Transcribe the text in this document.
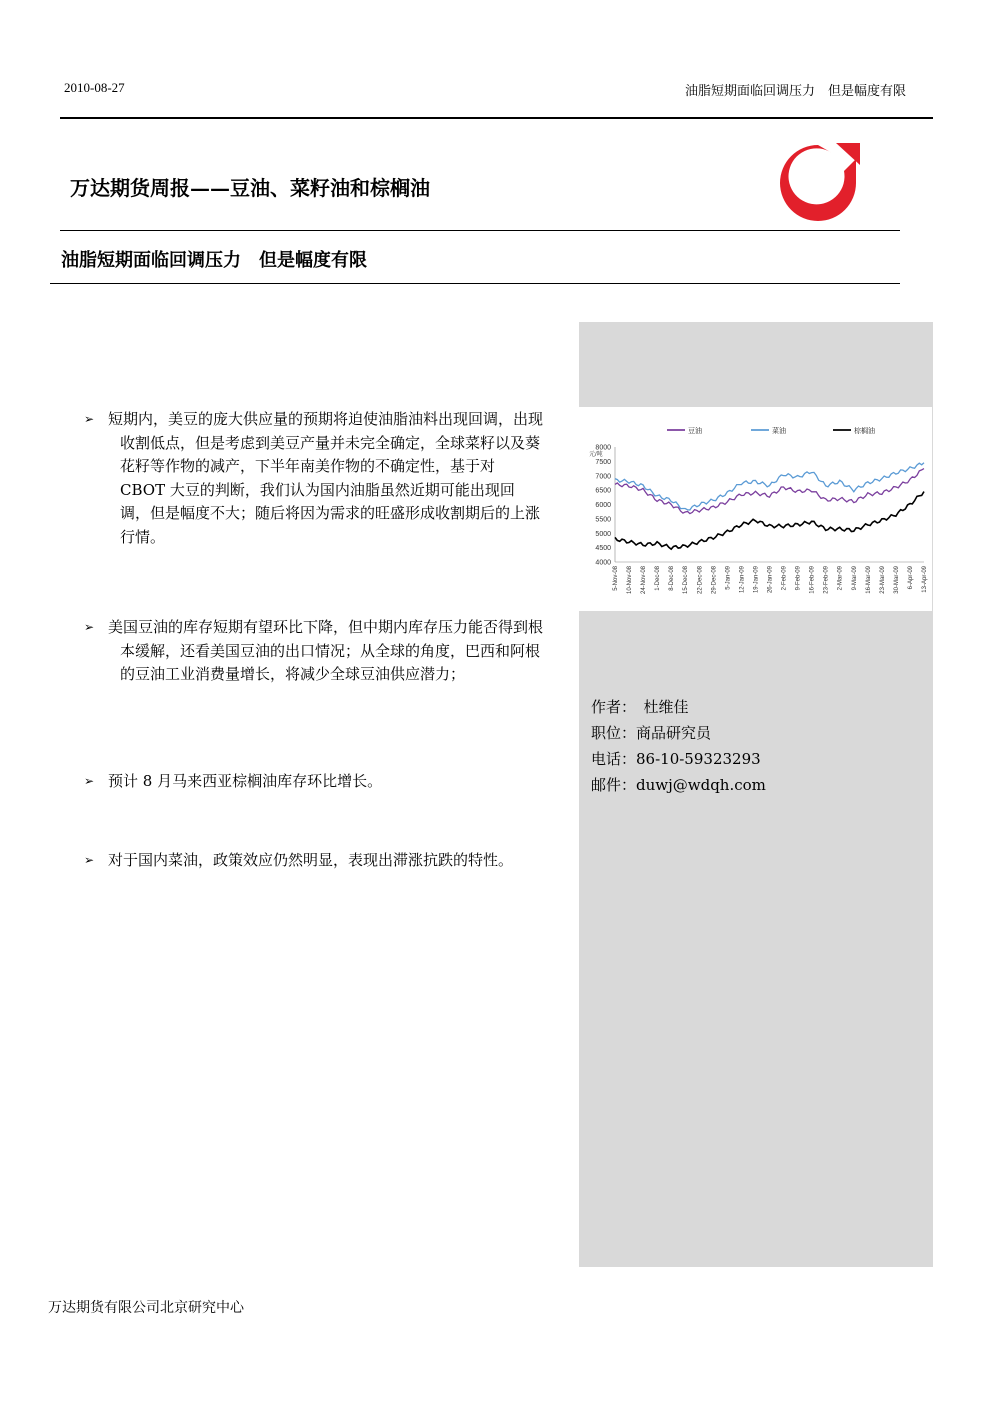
2010-08-27	油脂短期面临回调压力　但是幅度有限
万达期货周报——豆油、菜籽油和棕榈油
油脂短期面临回调压力　但是幅度有限
8000
7500
7000
6500
6000
5500
5000
4500
4000
元/吨
5-Nov-08 10-Nov-08 24-Nov-08 1-Dec-08 8-Dec-08 15-Dec-08 22-Dec-08 29-Dec-08 5-Jan-09 12-Jan-09 19-Jan-09 26-Jan-09 2-Feb-09 9-Feb-09 16-Feb-09 23-Feb-09 2-Mar-09 9-Mar-09 16-Mar-09 23-Mar-09 30-Mar-09 6-Apr-09 13-Apr-09
豆油	菜油	棕榈油
➢ 短期内，美豆的庞大供应量的预期将迫使油脂油料出现回调，出现收割低点，但是考虑到美豆产量并未完全确定，全球菜籽以及葵花籽等作物的减产，下半年南美作物的不确定性，基于对 CBOT 大豆的判断，我们认为国内油脂虽然近期可能出现回调，但是幅度不大；随后将因为需求的旺盛形成收割期后的上涨行情。
➢ 美国豆油的库存短期有望环比下降，但中期内库存压力能否得到根本缓解，还看美国豆油的出口情况；从全球的角度，巴西和阿根的豆油工业消费量增长，将减少全球豆油供应潜力；
➢ 预计 8 月马来西亚棕榈油库存环比增长。
➢ 对于国内菜油，政策效应仍然明显，表现出滞涨抗跌的特性。
作者：　杜维佳
职位：商品研究员
电话：86-10-59323293
邮件：duwj@wdqh.com
万达期货有限公司北京研究中心
